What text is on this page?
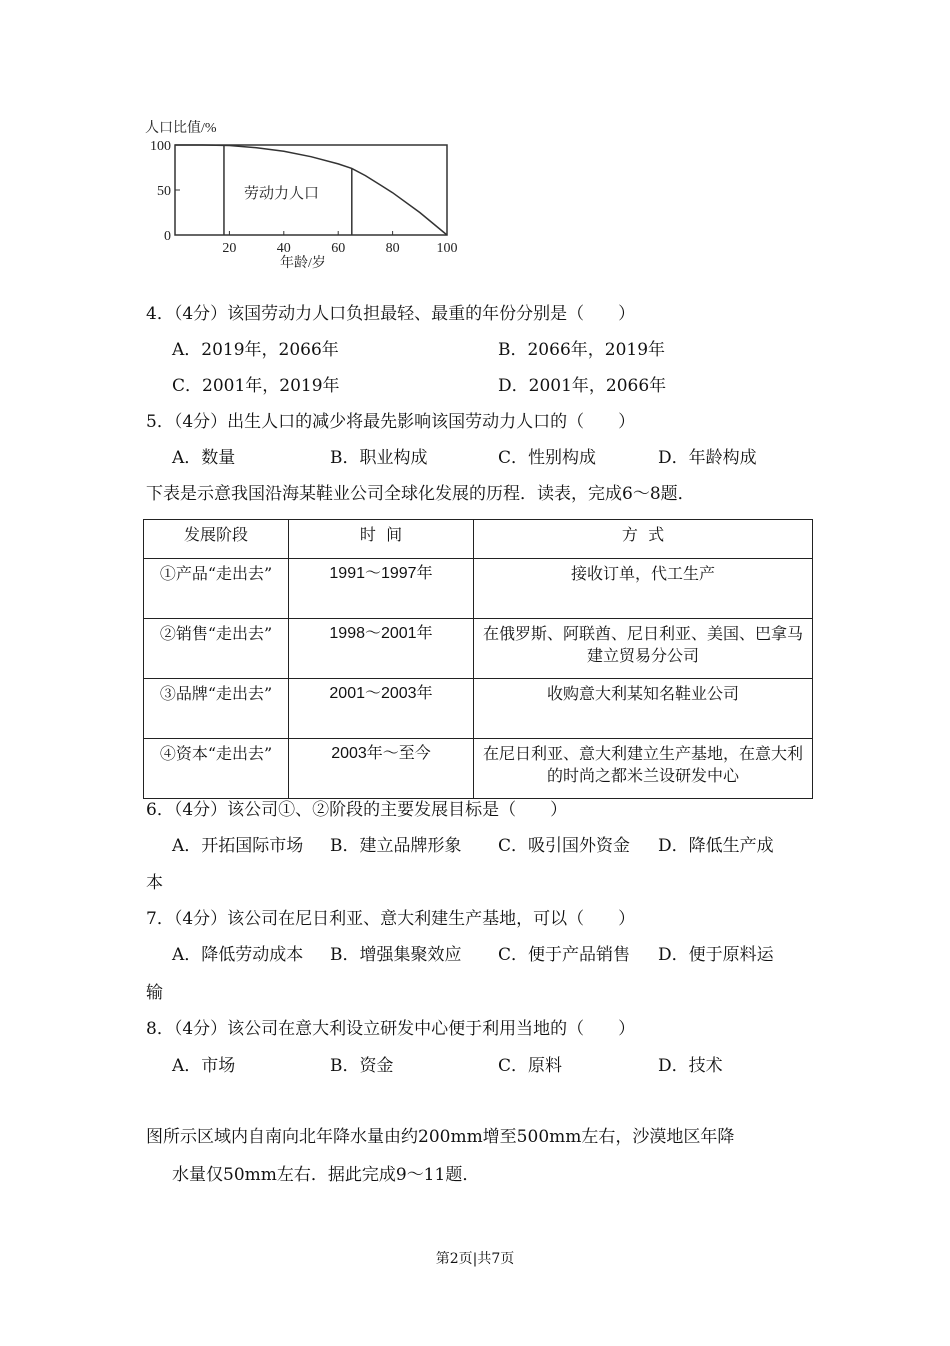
人口比值/%
0
50
100
20	40	60	80	100
劳动力人口
年龄/岁
4．（4分）该国劳动力人口负担最轻、最重的年份分别是（　　）
A．2019年，2066年	B．2066年，2019年
C．2001年，2019年	D．2001年，2066年
5．（4分）出生人口的减少将最先影响该国劳动力人口的（　　）
A．数量	B．职业构成	C．性别构成	D．年龄构成
下表是示意我国沿海某鞋业公司全球化发展的历程．读表，完成6～8题．
发展阶段	时  间	方  式
①产品“走出去”	1991～1997年	接收订单，代工生产
②销售“走出去”	1998～2001年	在俄罗斯、阿联酋、尼日利亚、美国、巴拿马建立贸易分公司
③品牌“走出去”	2001～2003年	收购意大利某知名鞋业公司
④资本“走出去”	2003年～至今	在尼日利亚、意大利建立生产基地，在意大利的时尚之都米兰设研发中心
6．（4分）该公司①、②阶段的主要发展目标是（　　）
A．开拓国际市场 B．建立品牌形象 C．吸引国外资金 D．降低生产成
本
7．（4分）该公司在尼日利亚、意大利建生产基地，可以（　　）
A．降低劳动成本 B．增强集聚效应 C．便于产品销售 D．便于原料运
输
8．（4分）该公司在意大利设立研发中心便于利用当地的（　　）
A．市场	B．资金	C．原料	D．技术
图所示区域内自南向北年降水量由约200mm增至500mm左右，沙漠地区年降
水量仅50mm左右．据此完成9～11题．
第2页|共7页
